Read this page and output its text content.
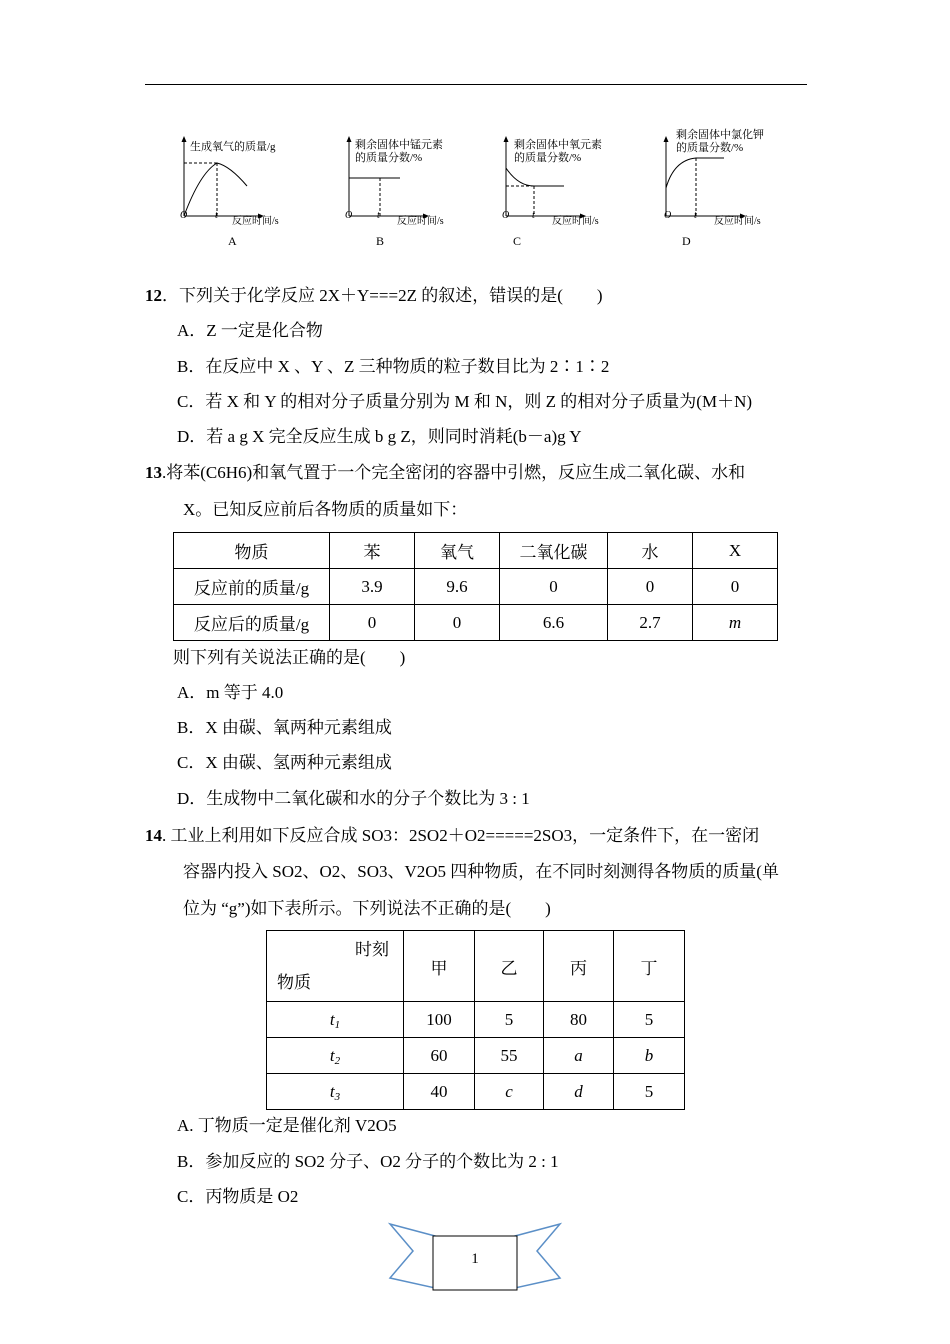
生成氧气的质量/g
O	t
反应时间/s
A
剩余固体中锰元素
的质量分数/%
O t
反应时间/s
B
剩余固体中氧元素
的质量分数/%
O t
反应时间/s
C
剩余固体中氯化钾
的质量分数/%
O t
反应时间/s
D
12．下列关于化学反应 2X＋Y===2Z 的叙述，错误的是(　　)
A．Z 一定是化合物
B．在反应中 X 、Y 、Z 三种物质的粒子数目比为 2∶1∶2
C．若 X 和 Y 的相对分子质量分别为 M 和 N，则 Z 的相对分子质量为(M＋N)
D．若 a g X 完全反应生成 b g Z，则同时消耗(b－a)g Y
13.将苯(C6H6)和氧气置于一个完全密闭的容器中引燃，反应生成二氧化碳、水和
X。已知反应前后各物质的质量如下：
物质	苯	氧气	二氧化碳	水	X
反应前的质量/g	3.9	9.6	0	0	0
反应后的质量/g	0	0	6.6	2.7	m
则下列有关说法正确的是(　　)
A．m 等于 4.0
B．X 由碳、氧两种元素组成
C．X 由碳、氢两种元素组成
D．生成物中二氧化碳和水的分子个数比为 3 : 1
14. 工业上利用如下反应合成 SO3：2SO2＋O2=====2SO3，一定条件下，在一密闭
容器内投入 SO2、O2、SO3、V2O5 四种物质，在不同时刻测得各物质的质量(单
位为 “g”)如下表所示。下列说法不正确的是(　　)
时刻
物质	甲	乙	丙	丁
$t_1$	100	5	80	5
$t_2$	60	55	a	b
$t_3$	40	c	d	5
A. 丁物质一定是催化剂 V2O5
B．参加反应的 SO2 分子、O2 分子的个数比为 2 : 1
C．丙物质是 O2
1
